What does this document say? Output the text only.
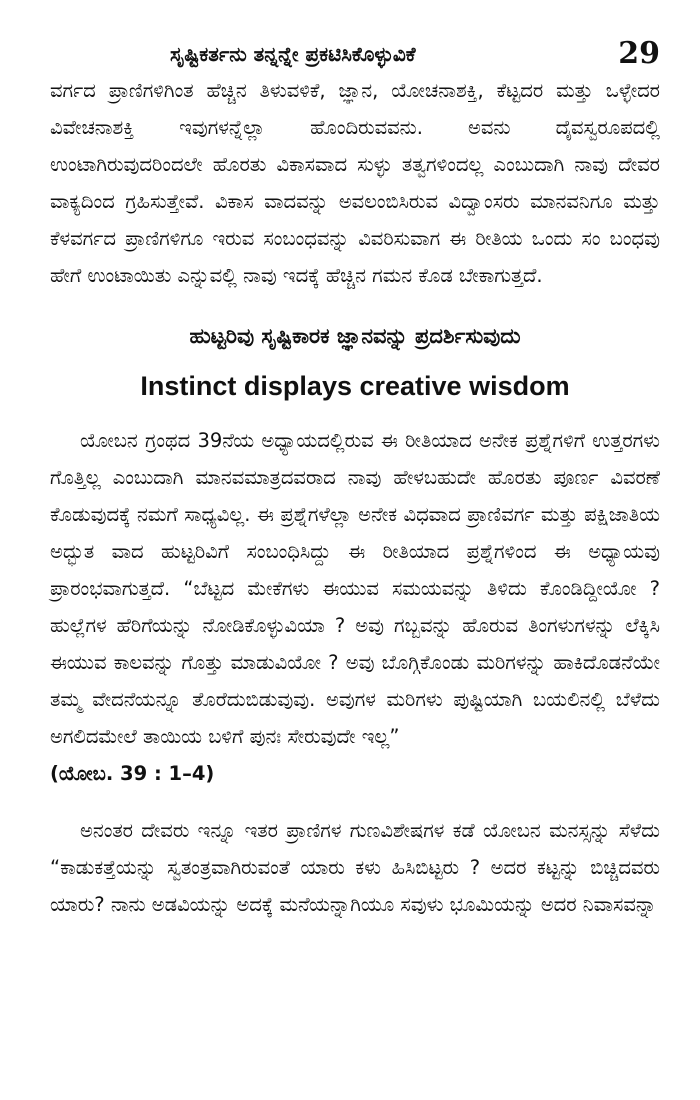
ಸೃಷ್ಟಿಕರ್ತನು ತನ್ನನ್ನೇ ಪ್ರಕಟಿಸಿಕೊಳ್ಳುವಿಕೆ	29

ವರ್ಗದ ಪ್ರಾಣಿಗಳಿಗಿಂತ ಹೆಚ್ಚಿನ ತಿಳುವಳಿಕೆ, ಜ್ಞಾನ, ಯೋಚನಾಶಕ್ತಿ, ಕೆಟ್ಟದರ ಮತ್ತು ಒಳ್ಳೇದರ ವಿವೇಚನಾಶಕ್ತಿ ಇವುಗಳನ್ನೆಲ್ಲಾ ಹೊಂದಿರುವವನು. ಅವನು ದೈವಸ್ವರೂಪದಲ್ಲಿ ಉಂಟಾಗಿರುವುದರಿಂದಲೇ ಹೊರತು ವಿಕಾಸವಾದ ಸುಳ್ಳು ತತ್ವಗಳಿಂದಲ್ಲ ಎಂಬುದಾಗಿ ನಾವು ದೇವರ ವಾಕ್ಯದಿಂದ ಗ್ರಹಿಸುತ್ತೇವೆ. ವಿಕಾಸ ವಾದವನ್ನು ಅವಲಂಬಿಸಿರುವ ವಿದ್ವಾಂಸರು ಮಾನವನಿಗೂ ಮತ್ತು ಕೆಳವರ್ಗದ ಪ್ರಾಣಿಗಳಿಗೂ ಇರುವ ಸಂಬಂಧವನ್ನು ವಿವರಿಸುವಾಗ ಈ ರೀತಿಯ ಒಂದು ಸಂ ಬಂಧವು ಹೇಗೆ ಉಂಟಾಯಿತು ಎನ್ನುವಲ್ಲಿ ನಾವು ಇದಕ್ಕೆ ಹೆಚ್ಚಿನ ಗಮನ ಕೊಡ ಬೇಕಾಗುತ್ತದೆ.

ಹುಟ್ಟರಿವು ಸೃಷ್ಟಿಕಾರಕ ಜ್ಞಾನವನ್ನು ಪ್ರದರ್ಶಿಸುವುದು
Instinct displays creative wisdom

ಯೋಬನ ಗ್ರಂಥದ 39ನೆಯ ಅಧ್ಯಾಯದಲ್ಲಿರುವ ಈ ರೀತಿಯಾದ ಅನೇಕ ಪ್ರಶ್ನೆಗಳಿಗೆ ಉತ್ತರಗಳು ಗೊತ್ತಿಲ್ಲ ಎಂಬುದಾಗಿ ಮಾನವಮಾತ್ರದವರಾದ ನಾವು ಹೇಳಬಹುದೇ ಹೊರತು ಪೂರ್ಣ ವಿವರಣೆ ಕೊಡುವುದಕ್ಕೆ ನಮಗೆ ಸಾಧ್ಯವಿಲ್ಲ. ಈ ಪ್ರಶ್ನೆಗಳೆಲ್ಲಾ ಅನೇಕ ವಿಧವಾದ ಪ್ರಾಣಿವರ್ಗ ಮತ್ತು ಪಕ್ಷಿಜಾತಿಯ ಅದ್ಭುತ ವಾದ ಹುಟ್ಟರಿವಿಗೆ ಸಂಬಂಧಿಸಿದ್ದು ಈ ರೀತಿಯಾದ ಪ್ರಶ್ನೆಗಳಿಂದ ಈ ಅಧ್ಯಾಯವು ಪ್ರಾರಂಭವಾಗುತ್ತದೆ. “ಬೆಟ್ಟದ ಮೇಕೆಗಳು ಈಯುವ ಸಮಯವನ್ನು ತಿಳಿದು ಕೊಂಡಿದ್ದೀಯೋ ? ಹುಲ್ಲೆಗಳ ಹೆರಿಗೆಯನ್ನು ನೋಡಿಕೊಳ್ಳುವಿಯಾ ? ಅವು ಗಬ್ಬವನ್ನು ಹೊರುವ ತಿಂಗಳುಗಳನ್ನು ಲೆಕ್ಕಿಸಿ ಈಯುವ ಕಾಲವನ್ನು ಗೊತ್ತು ಮಾಡುವಿಯೋ ? ಅವು ಬೊಗ್ಗಿಕೊಂಡು ಮರಿಗಳನ್ನು ಹಾಕಿದೊಡನೆಯೇ ತಮ್ಮ ವೇದನೆಯನ್ನೂ ತೊರೆದುಬಿಡುವುವು. ಅವುಗಳ ಮರಿಗಳು ಪುಷ್ಟಿಯಾಗಿ ಬಯಲಿನಲ್ಲಿ ಬೆಳೆದು ಅಗಲಿದಮೇಲೆ ತಾಯಿಯ ಬಳಿಗೆ ಪುನಃ ಸೇರುವುದೇ ಇಲ್ಲ”

(ಯೋಬ. 39 : 1–4)

ಅನಂತರ ದೇವರು ಇನ್ನೂ ಇತರ ಪ್ರಾಣಿಗಳ ಗುಣವಿಶೇಷಗಳ ಕಡೆ ಯೋಬನ ಮನಸ್ಸನ್ನು ಸೆಳೆದು “ಕಾಡುಕತ್ತೆಯನ್ನು ಸ್ವತಂತ್ರವಾಗಿರುವಂತೆ ಯಾರು ಕಳು ಹಿಸಿಬಿಟ್ಟರು ? ಅದರ ಕಟ್ಟನ್ನು ಬಿಚ್ಚಿದವರು ಯಾರು? ನಾನು ಅಡವಿಯನ್ನು ಅದಕ್ಕೆ ಮನೆಯನ್ನಾಗಿಯೂ ಸವುಳು ಭೂಮಿಯನ್ನು ಅದರ ನಿವಾಸವನ್ನಾ
